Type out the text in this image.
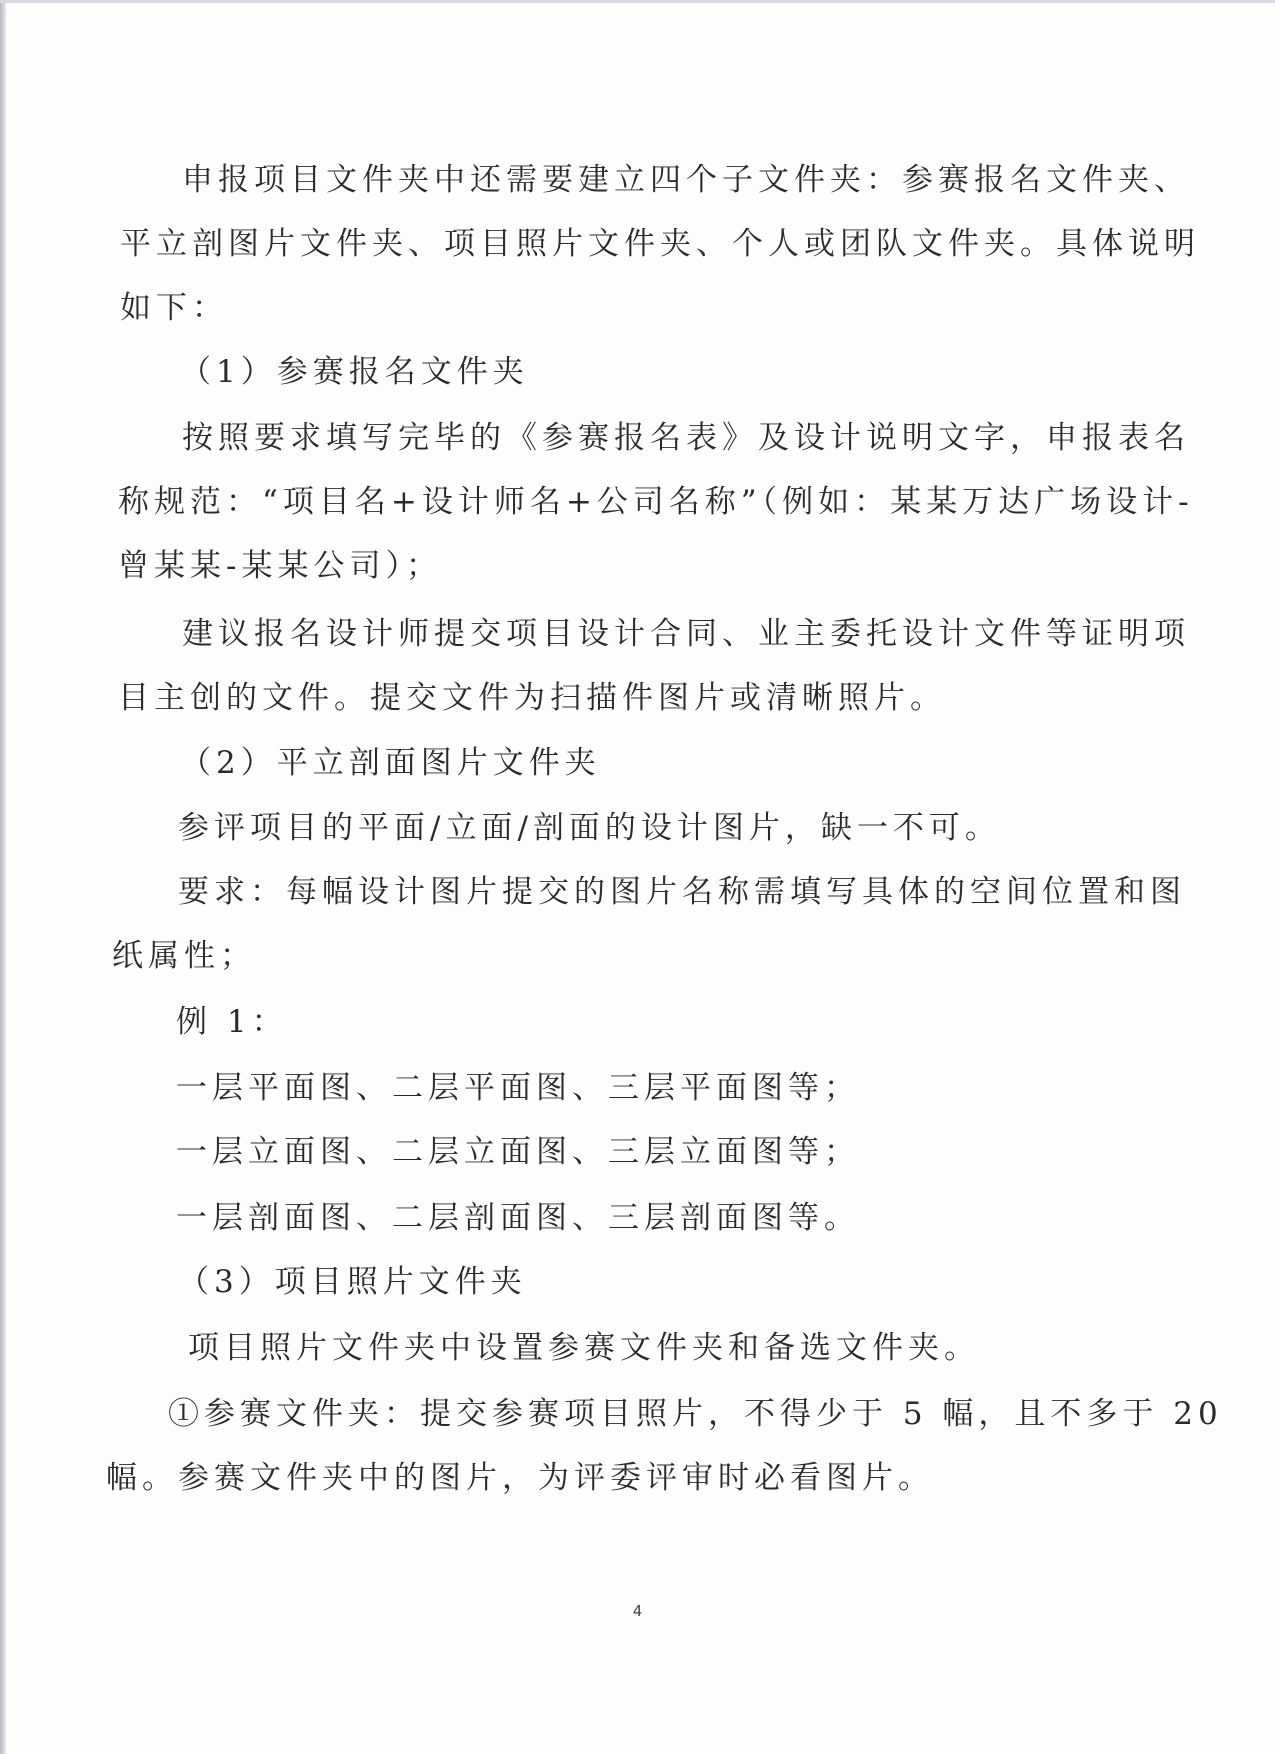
申报项目文件夹中还需要建立四个子文件夹：参赛报名文件夹、
平立剖图片文件夹、项目照片文件夹、个人或团队文件夹。具体说明
如下：
（1）参赛报名文件夹
按照要求填写完毕的《参赛报名表》及设计说明文字，申报表名
称规范：“项目名+设计师名+公司名称”（例如：某某万达广场设计-
曾某某-某某公司）；
建议报名设计师提交项目设计合同、业主委托设计文件等证明项
目主创的文件。提交文件为扫描件图片或清晰照片。
（2）平立剖面图片文件夹
参评项目的平面/立面/剖面的设计图片，缺一不可。
要求：每幅设计图片提交的图片名称需填写具体的空间位置和图
纸属性；
例 1：
一层平面图、二层平面图、三层平面图等；
一层立面图、二层立面图、三层立面图等；
一层剖面图、二层剖面图、三层剖面图等。
（3）项目照片文件夹
项目照片文件夹中设置参赛文件夹和备选文件夹。
①参赛文件夹：提交参赛项目照片，不得少于 5 幅，且不多于 20
幅。参赛文件夹中的图片，为评委评审时必看图片。
4
